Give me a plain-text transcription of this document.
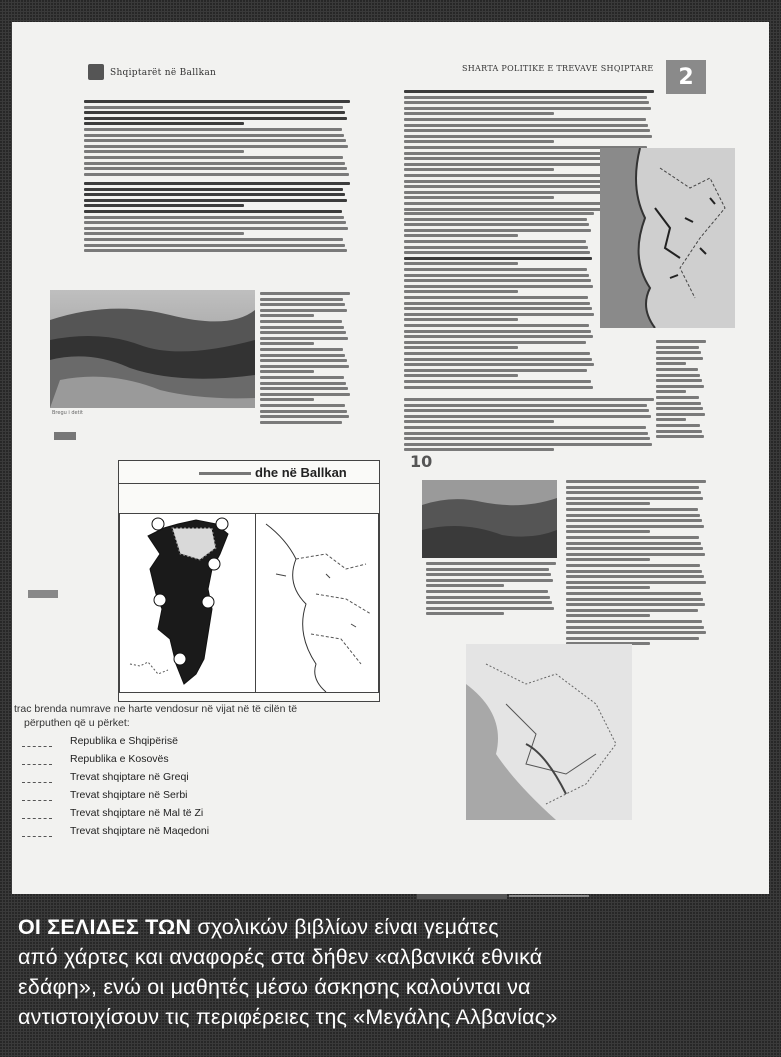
Shqiptarët në Ballkan
Bregu i detit
SHARTA POLITIKE E TREVAVE SHQIPTARE	2
10
dhe në Ballkan
trac brenda numrave ne harte vendosur në vijat në të cilën të
përputhen që u përket:
Republika e Shqipërisë
Republika e Kosovës
Trevat shqiptare në Greqi
Trevat shqiptare në Serbi
Trevat shqiptare në Mal të Zi
Trevat shqiptare në Maqedoni
ΟΙ ΣΕΛΙΔΕΣ ΤΩΝ σχολικών βιβλίων είναι γεμάτες
από χάρτες και αναφορές στα δήθεν «αλβανικά εθνικά
εδάφη», ενώ οι μαθητές μέσω άσκησης καλούνται να
αντιστοιχίσουν τις περιφέρειες της «Μεγάλης Αλβανίας»
